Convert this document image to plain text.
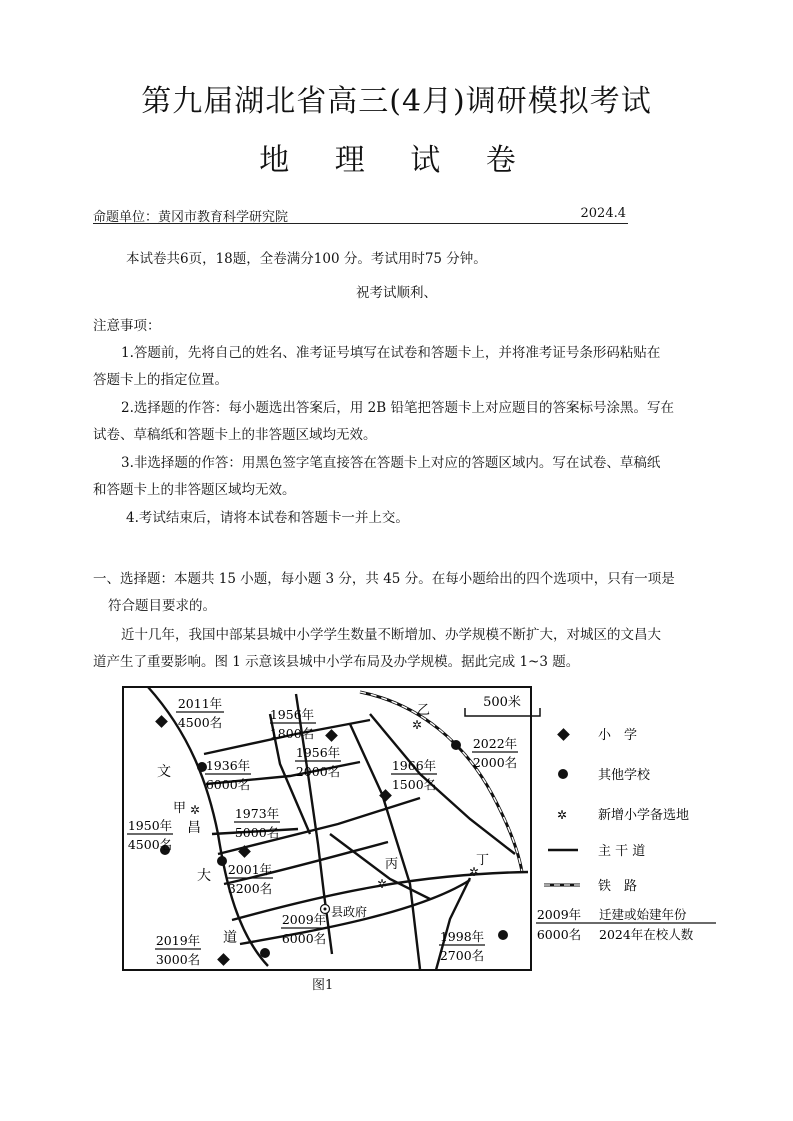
第九届湖北省高三(4月)调研模拟考试
地 理 试 卷
命题单位：黄冈市教育科学研究院	2024.4
本试卷共6页，18题，全卷满分100 分。考试用时75 分钟。
祝考试顺利、
注意事项：
1.答题前，先将自己的姓名、准考证号填写在试卷和答题卡上，并将准考证号条形码粘贴在
答题卡上的指定位置。
2.选择题的作答：每小题选出答案后，用 2B 铅笔把答题卡上对应题目的答案标号涂黑。写在
试卷、草稿纸和答题卡上的非答题区域均无效。
3.非选择题的作答：用黑色签字笔直接答在答题卡上对应的答题区域内。写在试卷、草稿纸
和答题卡上的非答题区域均无效。
4.考试结束后，请将本试卷和答题卡一并上交。
一、选择题：本题共 15 小题，每小题 3 分，共 45 分。在每小题给出的四个选项中，只有一项是
符合题目要求的。
近十几年，我国中部某县城中小学学生数量不断增加、办学规模不断扩大，对城区的文昌大
道产生了重要影响。图 1 示意该县城中小学布局及办学规模。据此完成 1~3 题。
500米
文
昌
大
道
甲
乙
丙	丁
县政府
✲
✲
✲
✲
2011年
4500名
1956年
1800名
1956年
2000名
1936年
6000名
1966年
1500名
2022年
2000名
1950年
4500名
1973年
5000名
2001年
3200名
2009年
6000名	1998年
2700名
2019年
3000名
小　学
其他学校
✲ 新增小学备选地
主 干 道
铁　路
2009年
6000名
迁建或始建年份
2024年在校人数
图1
